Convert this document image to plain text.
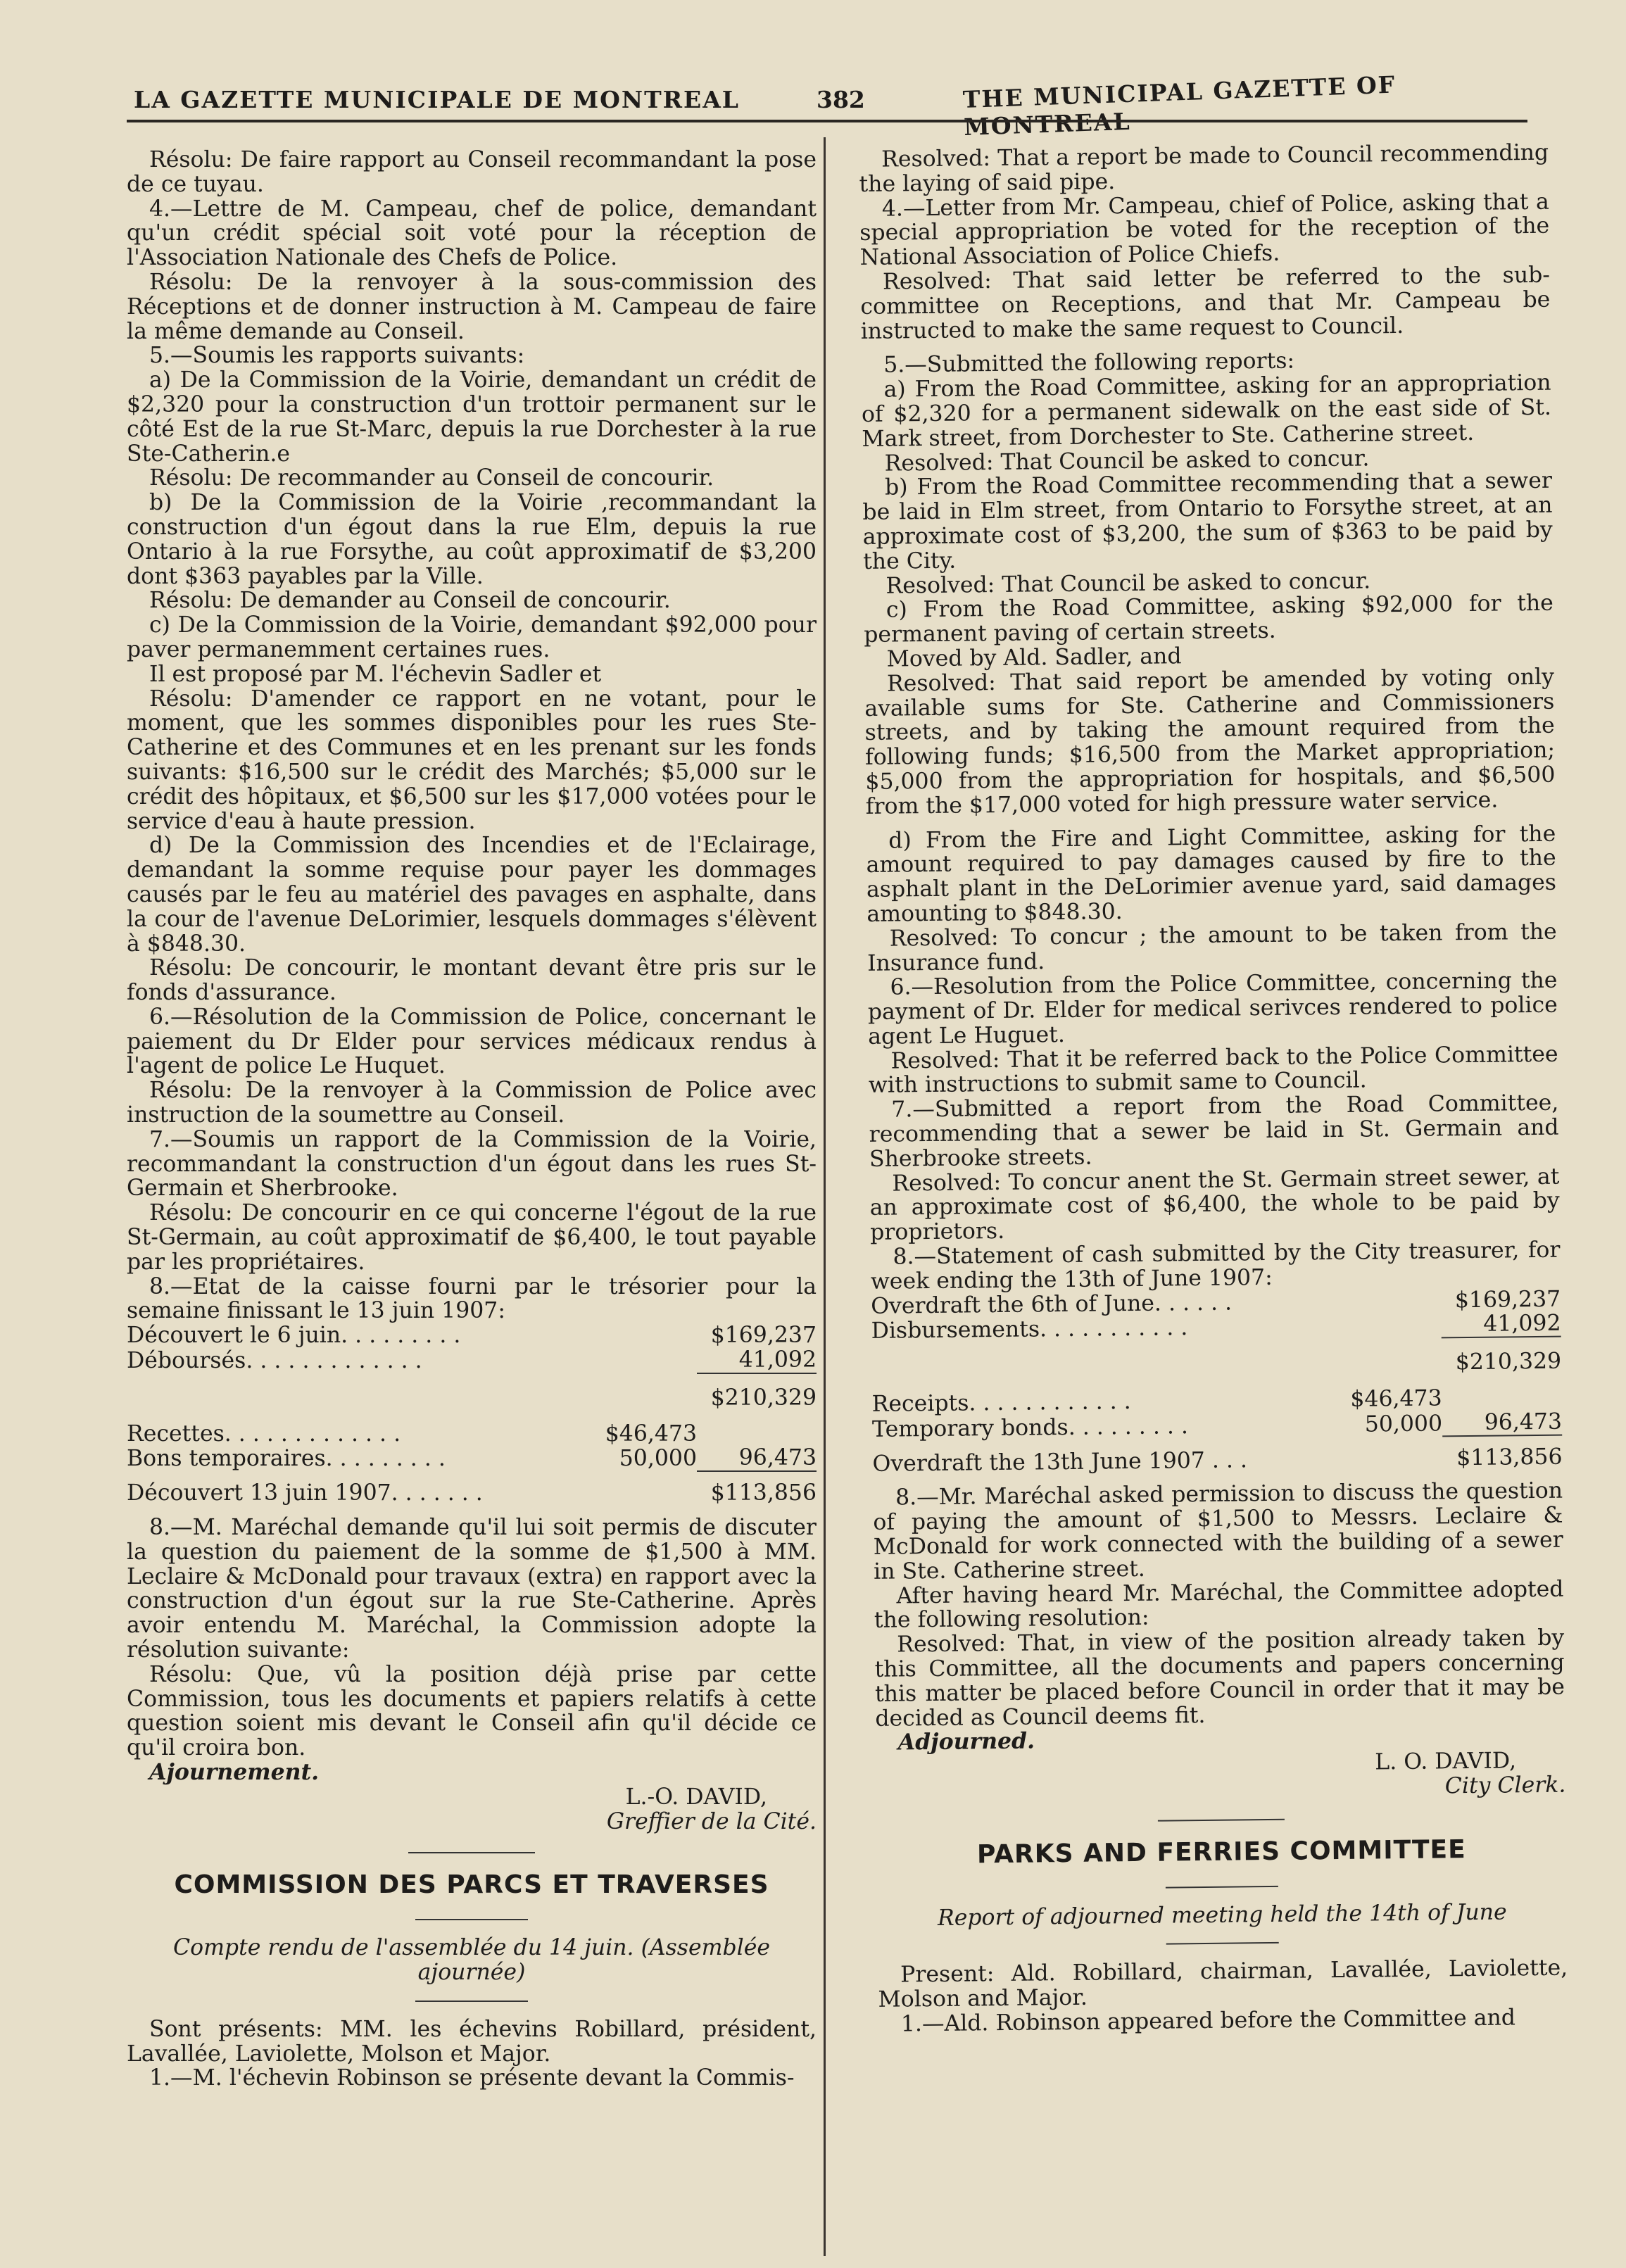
LA GAZETTE MUNICIPALE DE MONTREAL	382	THE MUNICIPAL GAZETTE OF MONTREAL

Résolu: De faire rapport au Conseil recommandant la pose de ce tuyau.

4.—Lettre de M. Campeau, chef de police, demandant qu'un crédit spécial soit voté pour la réception de l'Association Nationale des Chefs de Police.

Résolu: De la renvoyer à la sous-commission des Réceptions et de donner instruction à M. Campeau de faire la même demande au Conseil.

5.—Soumis les rapports suivants:

a) De la Commission de la Voirie, demandant un crédit de $2,320 pour la construction d'un trottoir permanent sur le côté Est de la rue St-Marc, depuis la rue Dorchester à la rue Ste-Catherin.e

Résolu: De recommander au Conseil de concourir.

b) De la Commission de la Voirie ,recommandant la construction d'un égout dans la rue Elm, depuis la rue Ontario à la rue Forsythe, au coût approximatif de $3,200 dont $363 payables par la Ville.

Résolu: De demander au Conseil de concourir.

c) De la Commission de la Voirie, demandant $92,000 pour paver permanemment certaines rues.

Il est proposé par M. l'échevin Sadler et

Résolu: D'amender ce rapport en ne votant, pour le moment, que les sommes disponibles pour les rues Ste-Catherine et des Communes et en les prenant sur les fonds suivants: $16,500 sur le crédit des Marchés; $5,000 sur le crédit des hôpitaux, et $6,500 sur les $17,000 votées pour le service d'eau à haute pression.

d) De la Commission des Incendies et de l'Eclairage, demandant la somme requise pour payer les dommages causés par le feu au matériel des pavages en asphalte, dans la cour de l'avenue DeLorimier, lesquels dommages s'élèvent à $848.30.

Résolu: De concourir, le montant devant être pris sur le fonds d'assurance.

6.—Résolution de la Commission de Police, concernant le paiement du Dr Elder pour services médicaux rendus à l'agent de police Le Huquet.

Résolu: De la renvoyer à la Commission de Police avec instruction de la soumettre au Conseil.

7.—Soumis un rapport de la Commission de la Voirie, recommandant la construction d'un égout dans les rues St-Germain et Sherbrooke.

Résolu: De concourir en ce qui concerne l'égout de la rue St-Germain, au coût approximatif de $6,400, le tout payable par les propriétaires.

8.—Etat de la caisse fourni par le trésorier pour la semaine finissant le 13 juin 1907:

Découvert le 6 juin. . . . . . . . .		$169,237
Déboursés. . . . . . . . . . . . .		41,092

		$210,329

Recettes. . . . . . . . . . . . .	$46,473	
Bons temporaires. . . . . . . . .	50,000	96,473

Découvert 13 juin 1907. . . . . . .		$113,856

8.—M. Maréchal demande qu'il lui soit permis de discuter la question du paiement de la somme de $1,500 à MM. Leclaire & McDonald pour travaux (extra) en rapport avec la construction d'un égout sur la rue Ste-Catherine. Après avoir entendu M. Maréchal, la Commission adopte la résolution suivante:

Résolu: Que, vû la position déjà prise par cette Commission, tous les documents et papiers relatifs à cette question soient mis devant le Conseil afin qu'il décide ce qu'il croira bon.

Ajournement.

L.-O. DAVID,

Greffier de la Cité.

COMMISSION DES PARCS ET TRAVERSES

Compte rendu de l'assemblée du 14 juin. (Assemblée ajournée)

Sont présents: MM. les échevins Robillard, président, Lavallée, Laviolette, Molson et Major.

1.—M. l'échevin Robinson se présente devant la Commis-

Resolved: That a report be made to Council recommending the laying of said pipe.

4.—Letter from Mr. Campeau, chief of Police, asking that a special appropriation be voted for the reception of the National Association of Police Chiefs.

Resolved: That said letter be referred to the sub-committee on Receptions, and that Mr. Campeau be instructed to make the same request to Council.

5.—Submitted the following reports:

a) From the Road Committee, asking for an appropriation of $2,320 for a permanent sidewalk on the east side of St. Mark street, from Dorchester to Ste. Catherine street.

Resolved: That Council be asked to concur.

b) From the Road Committee recommending that a sewer be laid in Elm street, from Ontario to Forsythe street, at an approximate cost of $3,200, the sum of $363 to be paid by the City.

Resolved: That Council be asked to concur.

c) From the Road Committee, asking $92,000 for the permanent paving of certain streets.

Moved by Ald. Sadler, and

Resolved: That said report be amended by voting only available sums for Ste. Catherine and Commissioners streets, and by taking the amount required from the following funds; $16,500 from the Market appropriation; $5,000 from the appropriation for hospitals, and $6,500 from the $17,000 voted for high pressure water service.

d) From the Fire and Light Committee, asking for the amount required to pay damages caused by fire to the asphalt plant in the DeLorimier avenue yard, said damages amounting to $848.30.

Resolved: To concur ; the amount to be taken from the Insurance fund.

6.—Resolution from the Police Committee, concerning the payment of Dr. Elder for medical serivces rendered to police agent Le Huguet.

Resolved: That it be referred back to the Police Committee with instructions to submit same to Council.

7.—Submitted a report from the Road Committee, recommending that a sewer be laid in St. Germain and Sherbrooke streets.

Resolved: To concur anent the St. Germain street sewer, at an approximate cost of $6,400, the whole to be paid by proprietors.

8.—Statement of cash submitted by the City treasurer, for week ending the 13th of June 1907:

Overdraft the 6th of June. . . . . .		$169,237
Disbursements. . . . . . . . . . .		41,092

		$210,329

Receipts. . . . . . . . . . . .	$46,473	
Temporary bonds. . . . . . . . .	50,000	96,473

Overdraft the 13th June 1907 . . .		$113,856

8.—Mr. Maréchal asked permission to discuss the question of paying the amount of $1,500 to Messrs. Leclaire & McDonald for work connected with the building of a sewer in Ste. Catherine street.

After having heard Mr. Maréchal, the Committee adopted the following resolution:

Resolved: That, in view of the position already taken by this Committee, all the documents and papers concerning this matter be placed before Council in order that it may be decided as Council deems fit.

Adjourned.

L. O. DAVID,

City Clerk.

PARKS AND FERRIES COMMITTEE

Report of adjourned meeting held the 14th of June

Present: Ald. Robillard, chairman, Lavallée, Laviolette, Molson and Major.

1.—Ald. Robinson appeared before the Committee and
